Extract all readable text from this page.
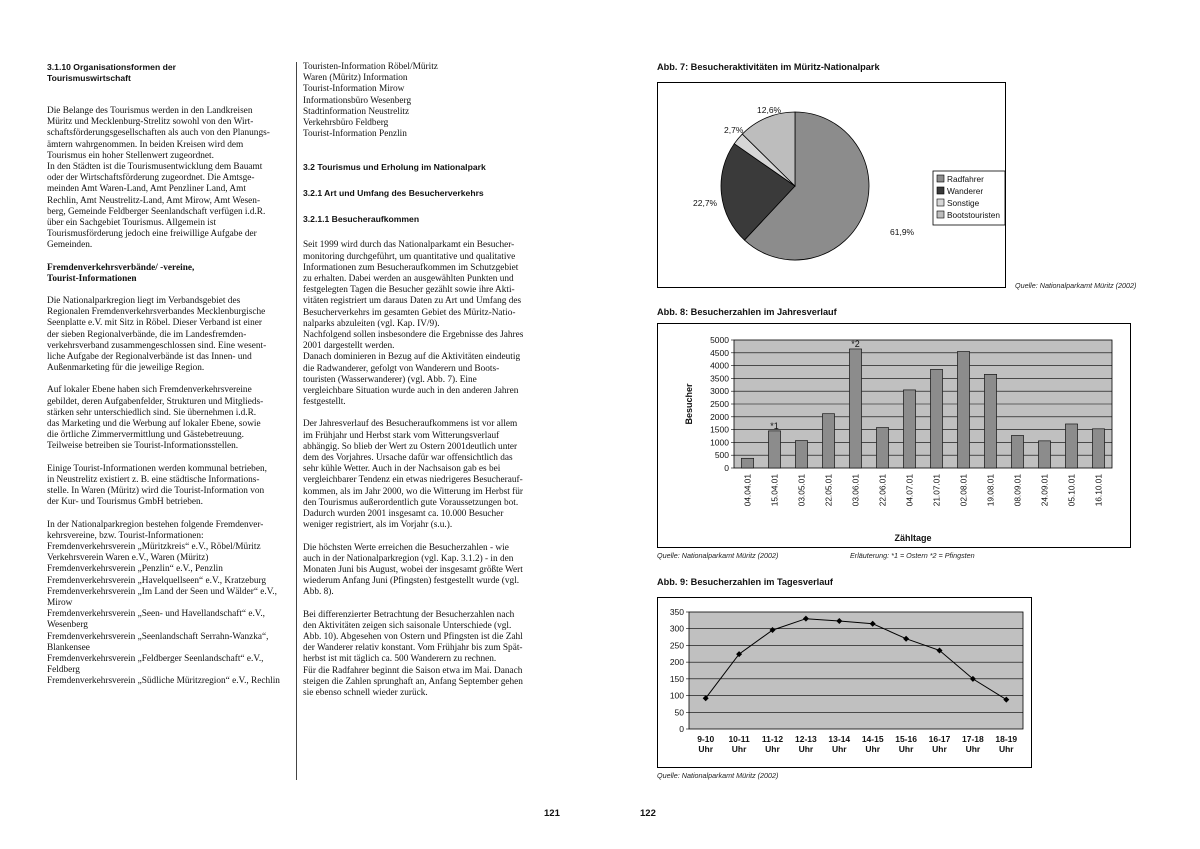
3.1.10 Organisationsformen der
Tourismuswirtschaft
Die Belange des Tourismus werden in den Landkreisen
Müritz und Mecklenburg-Strelitz sowohl von den Wirt-
schaftsförderungsgesellschaften als auch von den Planungs-
ämtern wahrgenommen. In beiden Kreisen wird dem
Tourismus ein hoher Stellenwert zugeordnet.
In den Städten ist die Tourismusentwicklung dem Bauamt
oder der Wirtschaftsförderung zugeordnet. Die Amtsge-
meinden Amt Waren-Land, Amt Penzliner Land, Amt
Rechlin, Amt Neustrelitz-Land, Amt Mirow, Amt Wesen-
berg, Gemeinde Feldberger Seenlandschaft verfügen i.d.R.
über ein Sachgebiet Tourismus. Allgemein ist
Tourismusförderung jedoch eine freiwillige Aufgabe der
Gemeinden.
Fremdenverkehrsverbände/ -vereine,
Tourist-Informationen
Die Nationalparkregion liegt im Verbandsgebiet des
Regionalen Fremdenverkehrsverbandes Mecklenburgische
Seenplatte e.V. mit Sitz in Röbel. Dieser Verband ist einer
der sieben Regionalverbände, die im Landesfremden-
verkehrsverband zusammengeschlossen sind. Eine wesent-
liche Aufgabe der Regionalverbände ist das Innen- und
Außenmarketing für die jeweilige Region.
Auf lokaler Ebene haben sich Fremdenverkehrsvereine
gebildet, deren Aufgabenfelder, Strukturen und Mitglieds-
stärken sehr unterschiedlich sind. Sie übernehmen i.d.R.
das Marketing und die Werbung auf lokaler Ebene, sowie
die örtliche Zimmervermittlung und Gästebetreuung.
Teilweise betreiben sie Tourist-Informationsstellen.
Einige Tourist-Informationen werden kommunal betrieben,
in Neustrelitz existiert z. B. eine städtische Informations-
stelle. In Waren (Müritz) wird die Tourist-Information von
der Kur- und Tourismus GmbH betrieben.
In der Nationalparkregion bestehen folgende Fremdenver-
kehrsvereine, bzw. Tourist-Informationen:
Fremdenverkehrsverein „Müritzkreis“ e.V., Röbel/Müritz
Verkehrsverein Waren e.V., Waren (Müritz)
Fremdenverkehrsverein „Penzlin“ e.V., Penzlin
Fremdenverkehrsverein „Havelquellseen“ e.V., Kratzeburg
Fremdenverkehrsverein „Im Land der Seen und Wälder“ e.V., Mirow
Fremdenverkehrsverein „Seen- und Havellandschaft“ e.V., Wesenberg
Fremdenverkehrsverein „Seenlandschaft Serrahn-Wanzka“, Blankensee
Fremdenverkehrsverein „Feldberger Seenlandschaft“ e.V., Feldberg
Fremdenverkehrsverein „Südliche Müritzregion“ e.V., Rechlin
Touristen-Information Röbel/Müritz
Waren (Müritz) Information
Tourist-Information Mirow
Informationsbüro Wesenberg
Stadtinformation Neustrelitz
Verkehrsbüro Feldberg
Tourist-Information Penzlin
3.2 Tourismus und Erholung im Nationalpark
3.2.1 Art und Umfang des Besucherverkehrs
3.2.1.1 Besucheraufkommen
Seit 1999 wird durch das Nationalparkamt ein Besucher-
monitoring durchgeführt, um quantitative und qualitative
Informationen zum Besucheraufkommen im Schutzgebiet
zu erhalten. Dabei werden an ausgewählten Punkten und
festgelegten Tagen die Besucher gezählt sowie ihre Akti-
vitäten registriert um daraus Daten zu Art und Umfang des
Besucherverkehrs im gesamten Gebiet des Müritz-Natio-
nalparks abzuleiten (vgl. Kap. IV/9).
Nachfolgend sollen insbesondere die Ergebnisse des Jahres
2001 dargestellt werden.
Danach dominieren in Bezug auf die Aktivitäten eindeutig
die Radwanderer, gefolgt von Wanderern und Boots-
touristen (Wasserwanderer) (vgl. Abb. 7). Eine
vergleichbare Situation wurde auch in den anderen Jahren
festgestellt.
Der Jahresverlauf des Besucheraufkommens ist vor allem
im Frühjahr und Herbst stark vom Witterungsverlauf
abhängig. So blieb der Wert zu Ostern 2001deutlich unter
dem des Vorjahres. Ursache dafür war offensichtlich das
sehr kühle Wetter. Auch in der Nachsaison gab es bei
vergleichbarer Tendenz ein etwas niedrigeres Besucherauf-
kommen, als im Jahr 2000, wo die Witterung im Herbst für
den Tourismus außerordentlich gute Voraussetzungen bot.
Dadurch wurden 2001 insgesamt ca. 10.000 Besucher
weniger registriert, als im Vorjahr (s.u.).
Die höchsten Werte erreichen die Besucherzahlen - wie
auch in der Nationalparkregion (vgl. Kap. 3.1.2) - in den
Monaten Juni bis August, wobei der insgesamt größte Wert
wiederum Anfang Juni (Pfingsten) festgestellt wurde (vgl.
Abb. 8).
Bei differenzierter Betrachtung der Besucherzahlen nach
den Aktivitäten zeigen sich saisonale Unterschiede (vgl.
Abb. 10). Abgesehen von Ostern und Pfingsten ist die Zahl
der Wanderer relativ konstant. Vom Frühjahr bis zum Spät-
herbst ist mit täglich ca. 500 Wanderern zu rechnen.
Für die Radfahrer beginnt die Saison etwa im Mai. Danach
steigen die Zahlen sprunghaft an, Anfang September gehen
sie ebenso schnell wieder zurück.
121	122
Abb. 7: Besucheraktivitäten im Müritz-Nationalpark
61,9%
22,7%
2,7%
12,6%
Radfahrer
Wanderer
Sonstige
Bootstouristen
Quelle: Nationalparkamt Müritz (2002)
Abb. 8: Besucherzahlen im Jahresverlauf
0
500
1000
1500
2000
2500
3000
3500
4000
4500
5000
04.04.01 15.04.01 03.05.01 22.05.01 03.06.01 22.06.01 04.07.01 21.07.01 02.08.01 19.08.01 08.09.01 24.09.01 05.10.01 16.10.01
*1
*2
Besucher
Zähltage
Quelle: Nationalparkamt Müritz (2002)	Erläuterung: *1 = Ostern *2 = Pfingsten
Abb. 9: Besucherzahlen im Tagesverlauf
0
50
100
150
200
250
300
350
9-10
Uhr
10-11
Uhr
11-12
Uhr
12-13
Uhr
13-14
Uhr
14-15
Uhr
15-16
Uhr
16-17
Uhr
17-18
Uhr
18-19
Uhr
Quelle: Nationalparkamt Müritz (2002)
